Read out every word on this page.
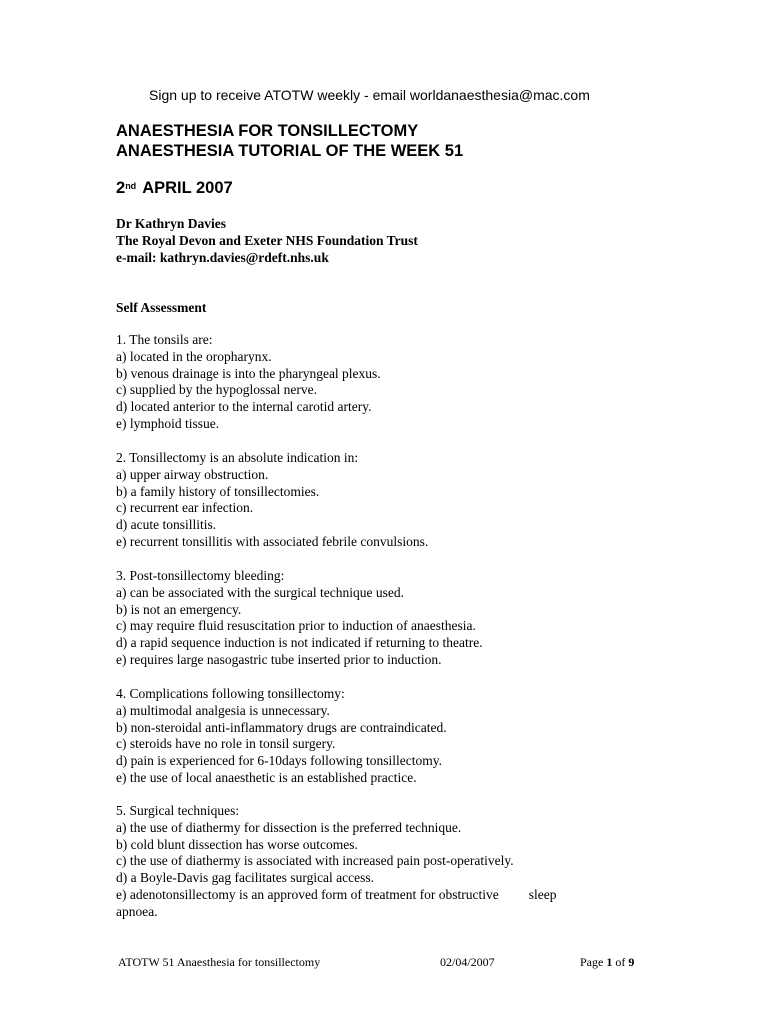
Sign up to receive ATOTW weekly - email worldanaesthesia@mac.com
ANAESTHESIA FOR TONSILLECTOMY
ANAESTHESIA TUTORIAL OF THE WEEK 51
2nd APRIL 2007
Dr Kathryn Davies
The Royal Devon and Exeter NHS Foundation Trust
e-mail: kathryn.davies@rdeft.nhs.uk
Self Assessment
1. The tonsils are:
a) located in the oropharynx.
b) venous drainage is into the pharyngeal plexus.
c) supplied by the hypoglossal nerve.
d) located anterior to the internal carotid artery.
e) lymphoid tissue.
2. Tonsillectomy is an absolute indication in:
a) upper airway obstruction.
b) a family history of tonsillectomies.
c) recurrent ear infection.
d) acute tonsillitis.
e) recurrent tonsillitis with associated febrile convulsions.
3. Post-tonsillectomy bleeding:
a) can be associated with the surgical technique used.
b) is not an emergency.
c) may require fluid resuscitation prior to induction of anaesthesia.
d) a rapid sequence induction is not indicated if returning to theatre.
e) requires large nasogastric tube inserted prior to induction.
4. Complications following tonsillectomy:
a) multimodal analgesia is unnecessary.
b) non-steroidal anti-inflammatory drugs are contraindicated.
c) steroids have no role in tonsil surgery.
d) pain is experienced for 6-10days following tonsillectomy.
e) the use of local anaesthetic is an established practice.
5. Surgical techniques:
a) the use of diathermy for dissection is the preferred technique.
b) cold blunt dissection has worse outcomes.
c) the use of diathermy is associated with increased pain post-operatively.
d) a Boyle-Davis gag facilitates surgical access.
e) adenotonsillectomy is an approved form of treatment for obstructive sleep
apnoea.
ATOTW 51 Anaesthesia for tonsillectomy	02/04/2007	Page 1 of 9
